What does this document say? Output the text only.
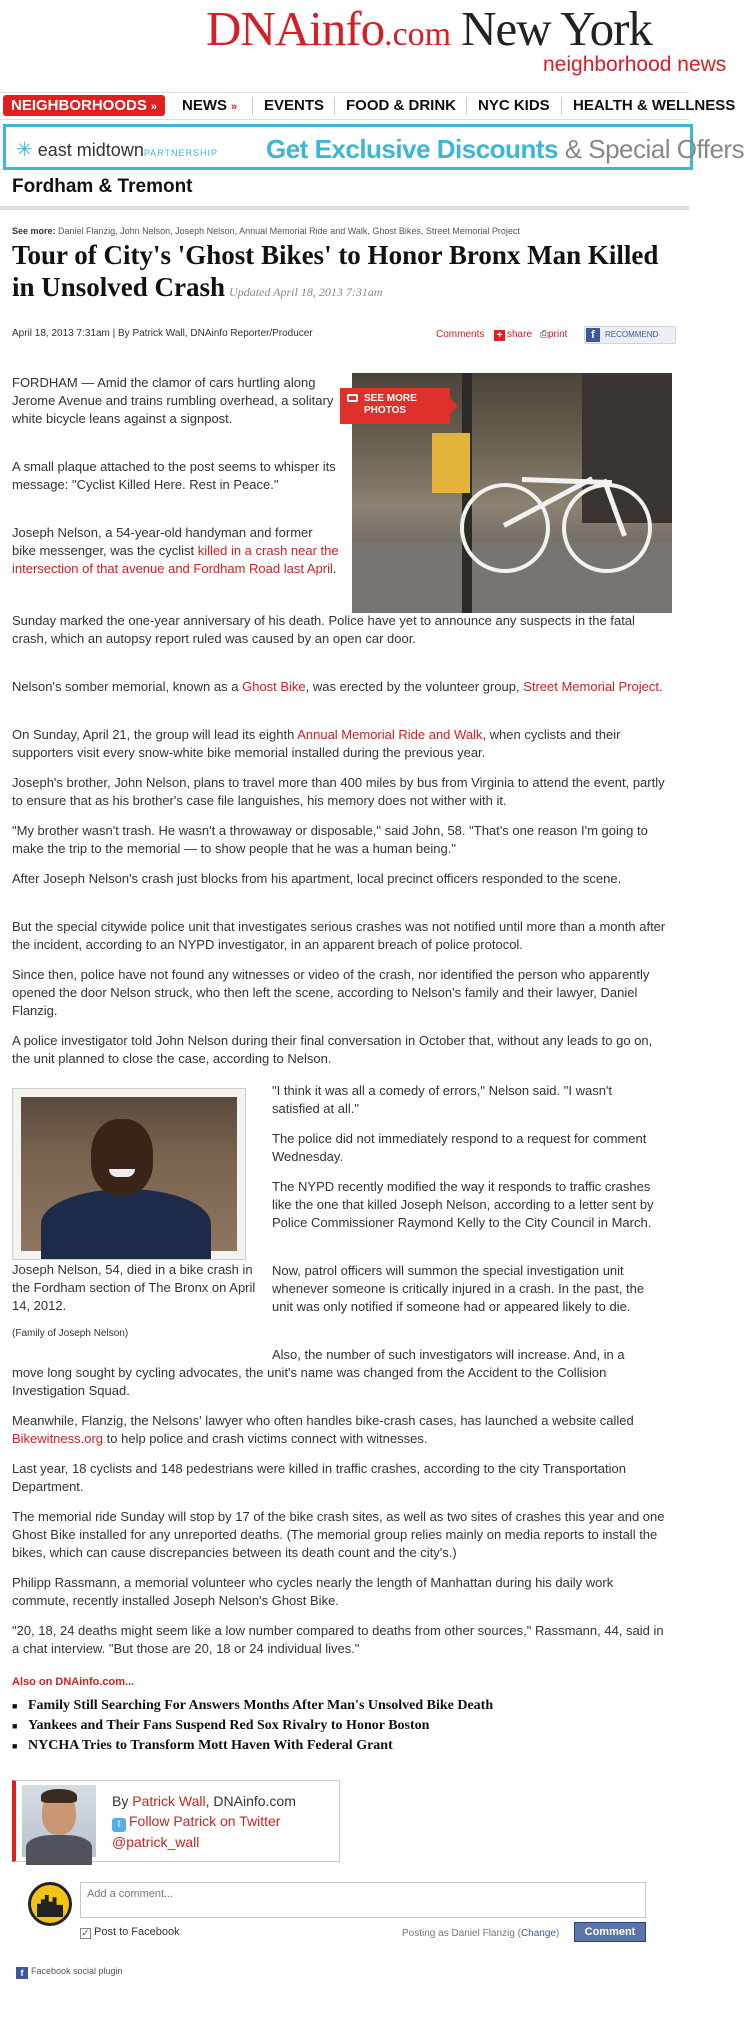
DNAinfo.com New York
neighborhood news
NEIGHBORHOODS »	NEWS » EVENTS FOOD & DRINK NYC KIDS HEALTH & WELLNESS
✳ east midtownPARTNERSHIP Get Exclusive Discounts & Special Offers
Fordham & Tremont
See more: Daniel Flanzig, John Nelson, Joseph Nelson, Annual Memorial Ride and Walk, Ghost Bikes, Street Memorial Project
Tour of City's 'Ghost Bikes' to Honor Bronx Man Killed in Unsolved Crash Updated April 18, 2013 7:31am
April 18, 2013 7:31am | By Patrick Wall, DNAinfo Reporter/Producer	Comments + share ⎙print	f	RECOMMEND
SEE MORE PHOTOS
FORDHAM — Amid the clamor of cars hurtling along Jerome Avenue and trains rumbling overhead, a solitary white bicycle leans against a signpost.
A small plaque attached to the post seems to whisper its message: "Cyclist Killed Here. Rest in Peace."
Joseph Nelson, a 54-year-old handyman and former bike messenger, was the cyclist killed in a crash near the intersection of that avenue and Fordham Road last April.
Sunday marked the one-year anniversary of his death. Police have yet to announce any suspects in the fatal crash, which an autopsy report ruled was caused by an open car door.
Nelson's somber memorial, known as a Ghost Bike, was erected by the volunteer group, Street Memorial Project.
On Sunday, April 21, the group will lead its eighth Annual Memorial Ride and Walk, when cyclists and their supporters visit every snow-white bike memorial installed during the previous year.
Joseph's brother, John Nelson, plans to travel more than 400 miles by bus from Virginia to attend the event, partly to ensure that as his brother's case file languishes, his memory does not wither with it.
"My brother wasn't trash. He wasn't a throwaway or disposable," said John, 58. "That's one reason I'm going to make the trip to the memorial — to show people that he was a human being."
After Joseph Nelson's crash just blocks from his apartment, local precinct officers responded to the scene.
But the special citywide police unit that investigates serious crashes was not notified until more than a month after the incident, according to an NYPD investigator, in an apparent breach of police protocol.
Since then, police have not found any witnesses or video of the crash, nor identified the person who apparently opened the door Nelson struck, who then left the scene, according to Nelson's family and their lawyer, Daniel Flanzig.
A police investigator told John Nelson during their final conversation in October that, without any leads to go on, the unit planned to close the case, according to Nelson.
Joseph Nelson, 54, died in a bike crash in the Fordham section of The Bronx on April 14, 2012.
(Family of Joseph Nelson)
"I think it was all a comedy of errors," Nelson said. "I wasn't satisfied at all."
The police did not immediately respond to a request for comment Wednesday.
The NYPD recently modified the way it responds to traffic crashes like the one that killed Joseph Nelson, according to a letter sent by Police Commissioner Raymond Kelly to the City Council in March.
Now, patrol officers will summon the special investigation unit whenever someone is critically injured in a crash. In the past, the unit was only notified if someone had or appeared likely to die.
Also, the number of such investigators will increase. And, in a
move long sought by cycling advocates, the unit's name was changed from the Accident to the Collision Investigation Squad.
Meanwhile, Flanzig, the Nelsons' lawyer who often handles bike-crash cases, has launched a website called Bikewitness.org to help police and crash victims connect with witnesses.
Last year, 18 cyclists and 148 pedestrians were killed in traffic crashes, according to the city Transportation Department.
The memorial ride Sunday will stop by 17 of the bike crash sites, as well as two sites of crashes this year and one Ghost Bike installed for any unreported deaths. (The memorial group relies mainly on media reports to install the bikes, which can cause discrepancies between its death count and the city's.)
Philipp Rassmann, a memorial volunteer who cycles nearly the length of Manhattan during his daily work commute, recently installed Joseph Nelson's Ghost Bike.
"20, 18, 24 deaths might seem like a low number compared to deaths from other sources," Rassmann, 44, said in a chat interview. "But those are 20, 18 or 24 individual lives."
Also on DNAinfo.com...
■ Family Still Searching For Answers Months After Man's Unsolved Bike Death
■ Yankees and Their Fans Suspend Red Sox Rivalry to Honor Boston
■ NYCHA Tries to Transform Mott Haven With Federal Grant
By Patrick Wall, DNAinfo.com
t Follow Patrick on Twitter
@patrick_wall
Add a comment...
✓ Post to Facebook	Posting as Daniel Flanzig (Change)	Comment
f Facebook social plugin
